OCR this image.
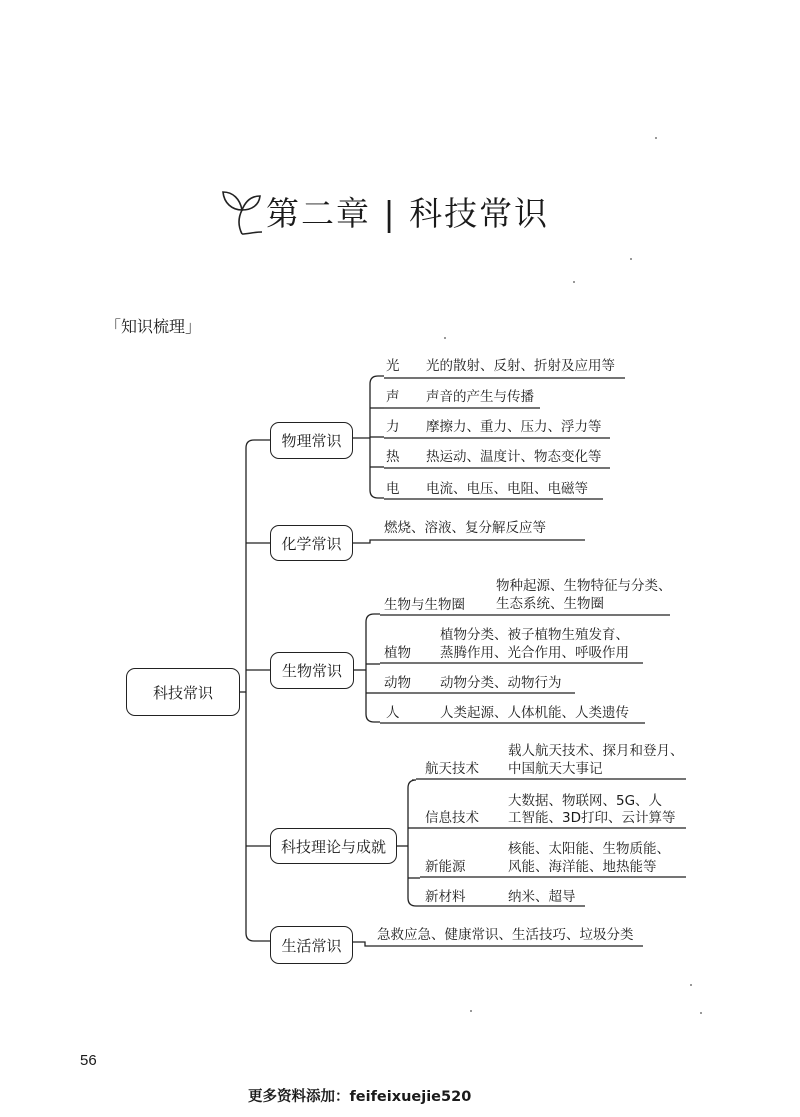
第二章 | 科技常识
「知识梳理」
科技常识
物理常识
化学常识
生物常识
科技理论与成就
生活常识
光 光的散射、反射、折射及应用等
声 声音的产生与传播
力 摩擦力、重力、压力、浮力等
热 热运动、温度计、物态变化等
电 电流、电压、电阻、电磁等
燃烧、溶液、复分解反应等
生物与生物圈
物种起源、生物特征与分类、
生态系统、生物圈
植物
植物分类、被子植物生殖发育、
蒸腾作用、光合作用、呼吸作用
动物 动物分类、动物行为
人	人类起源、人体机能、人类遗传
航天技术
载人航天技术、探月和登月、
中国航天大事记
信息技术
大数据、物联网、5G、人
工智能、3D打印、云计算等
新能源
核能、太阳能、生物质能、
风能、海洋能、地热能等
新材料	纳米、超导
急救应急、健康常识、生活技巧、垃圾分类
56
更多资料添加：feifeixuejie520
